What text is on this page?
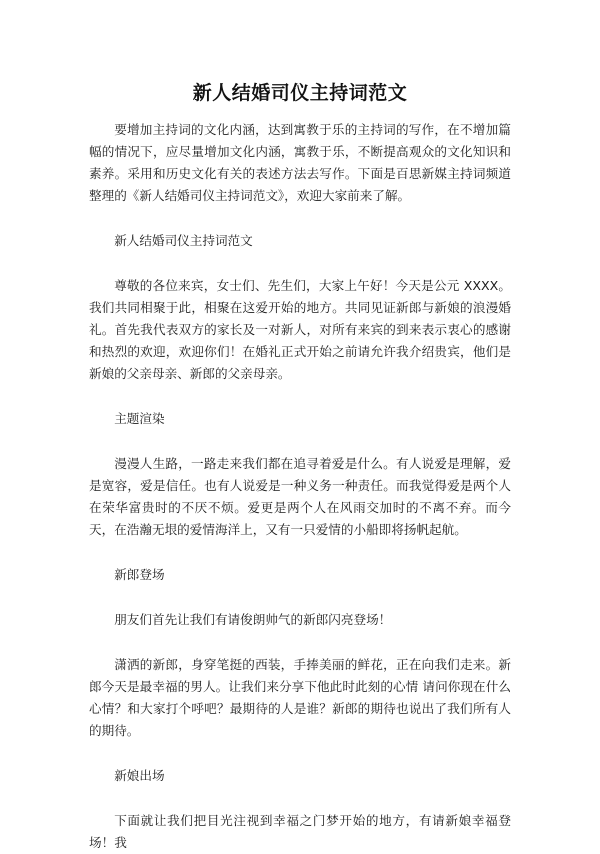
新人结婚司仪主持词范文

要增加主持词的文化内涵，达到寓教于乐的主持词的写作，在不增加篇幅的情况下，应尽量增加文化内涵，寓教于乐，不断提高观众的文化知识和素养。采用和历史文化有关的表述方法去写作。下面是百思新媒主持词频道整理的《新人结婚司仪主持词范文》，欢迎大家前来了解。

新人结婚司仪主持词范文

尊敬的各位来宾，女士们、先生们，大家上午好！今天是公元 XXXX。我们共同相聚于此，相聚在这爱开始的地方。共同见证新郎与新娘的浪漫婚礼。首先我代表双方的家长及一对新人，对所有来宾的到来表示衷心的感谢和热烈的欢迎，欢迎你们！在婚礼正式开始之前请允许我介绍贵宾，他们是新娘的父亲母亲、新郎的父亲母亲。

主题渲染

漫漫人生路，一路走来我们都在追寻着爱是什么。有人说爱是理解，爱是宽容，爱是信任。也有人说爱是一种义务一种责任。而我觉得爱是两个人在荣华富贵时的不厌不烦。爱更是两个人在风雨交加时的不离不弃。而今天，在浩瀚无垠的爱情海洋上，又有一只爱情的小船即将扬帆起航。

新郎登场

朋友们首先让我们有请俊朗帅气的新郎闪亮登场！

潇洒的新郎，身穿笔挺的西装，手捧美丽的鲜花，正在向我们走来。新郎今天是最幸福的男人。让我们来分享下他此时此刻的心情 请问你现在什么心情？和大家打个呼吧？最期待的人是谁？新郎的期待也说出了我们所有人的期待。

新娘出场

下面就让我们把目光注视到幸福之门梦开始的地方，有请新娘幸福登场！我
